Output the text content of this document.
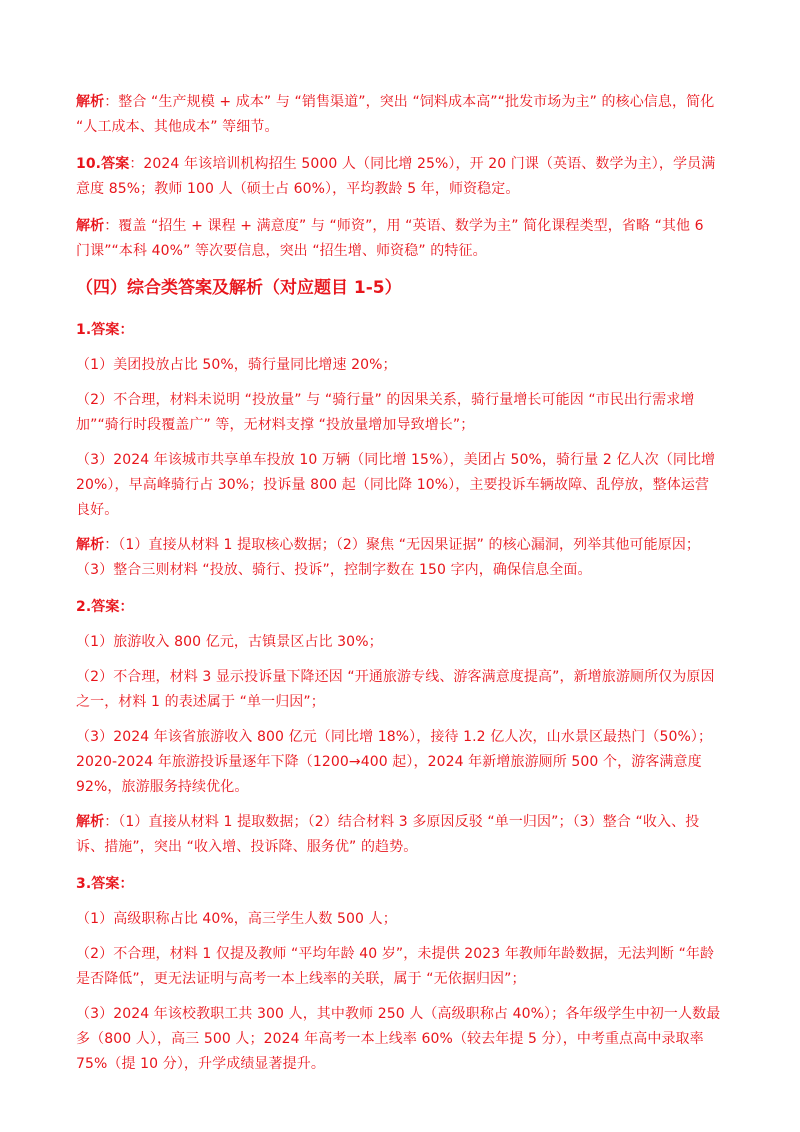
解析：整合 “生产规模 + 成本” 与 “销售渠道”，突出 “饲料成本高”“批发市场为主” 的核心信息，简化 “人工成本、其他成本” 等细节。

10.答案：2024 年该培训机构招生 5000 人（同比增 25%），开 20 门课（英语、数学为主），学员满意度 85%；教师 100 人（硕士占 60%），平均教龄 5 年，师资稳定。

解析：覆盖 “招生 + 课程 + 满意度” 与 “师资”，用 “英语、数学为主” 简化课程类型，省略 “其他 6 门课”“本科 40%” 等次要信息，突出 “招生增、师资稳” 的特征。

（四）综合类答案及解析（对应题目 1-5）

1.答案：

（1）美团投放占比 50%，骑行量同比增速 20%；

（2）不合理，材料未说明 “投放量” 与 “骑行量” 的因果关系，骑行量增长可能因 “市民出行需求增加”“骑行时段覆盖广” 等，无材料支撑 “投放量增加导致增长”；

（3）2024 年该城市共享单车投放 10 万辆（同比增 15%），美团占 50%，骑行量 2 亿人次（同比增 20%），早高峰骑行占 30%；投诉量 800 起（同比降 10%），主要投诉车辆故障、乱停放，整体运营良好。

解析：（1）直接从材料 1 提取核心数据；（2）聚焦 “无因果证据” 的核心漏洞，列举其他可能原因；（3）整合三则材料 “投放、骑行、投诉”，控制字数在 150 字内，确保信息全面。

2.答案：

（1）旅游收入 800 亿元，古镇景区占比 30%；

（2）不合理，材料 3 显示投诉量下降还因 “开通旅游专线、游客满意度提高”，新增旅游厕所仅为原因之一，材料 1 的表述属于 “单一归因”；

（3）2024 年该省旅游收入 800 亿元（同比增 18%），接待 1.2 亿人次，山水景区最热门（50%）；2020-2024 年旅游投诉量逐年下降（1200→400 起），2024 年新增旅游厕所 500 个，游客满意度 92%，旅游服务持续优化。

解析：（1）直接从材料 1 提取数据；（2）结合材料 3 多原因反驳 “单一归因”；（3）整合 “收入、投诉、措施”，突出 “收入增、投诉降、服务优” 的趋势。

3.答案：

（1）高级职称占比 40%，高三学生人数 500 人；

（2）不合理，材料 1 仅提及教师 “平均年龄 40 岁”，未提供 2023 年教师年龄数据，无法判断 “年龄是否降低”，更无法证明与高考一本上线率的关联，属于 “无依据归因”；

（3）2024 年该校教职工共 300 人，其中教师 250 人（高级职称占 40%）；各年级学生中初一人数最多（800 人），高三 500 人；2024 年高考一本上线率 60%（较去年提 5 分），中考重点高中录取率 75%（提 10 分），升学成绩显著提升。
